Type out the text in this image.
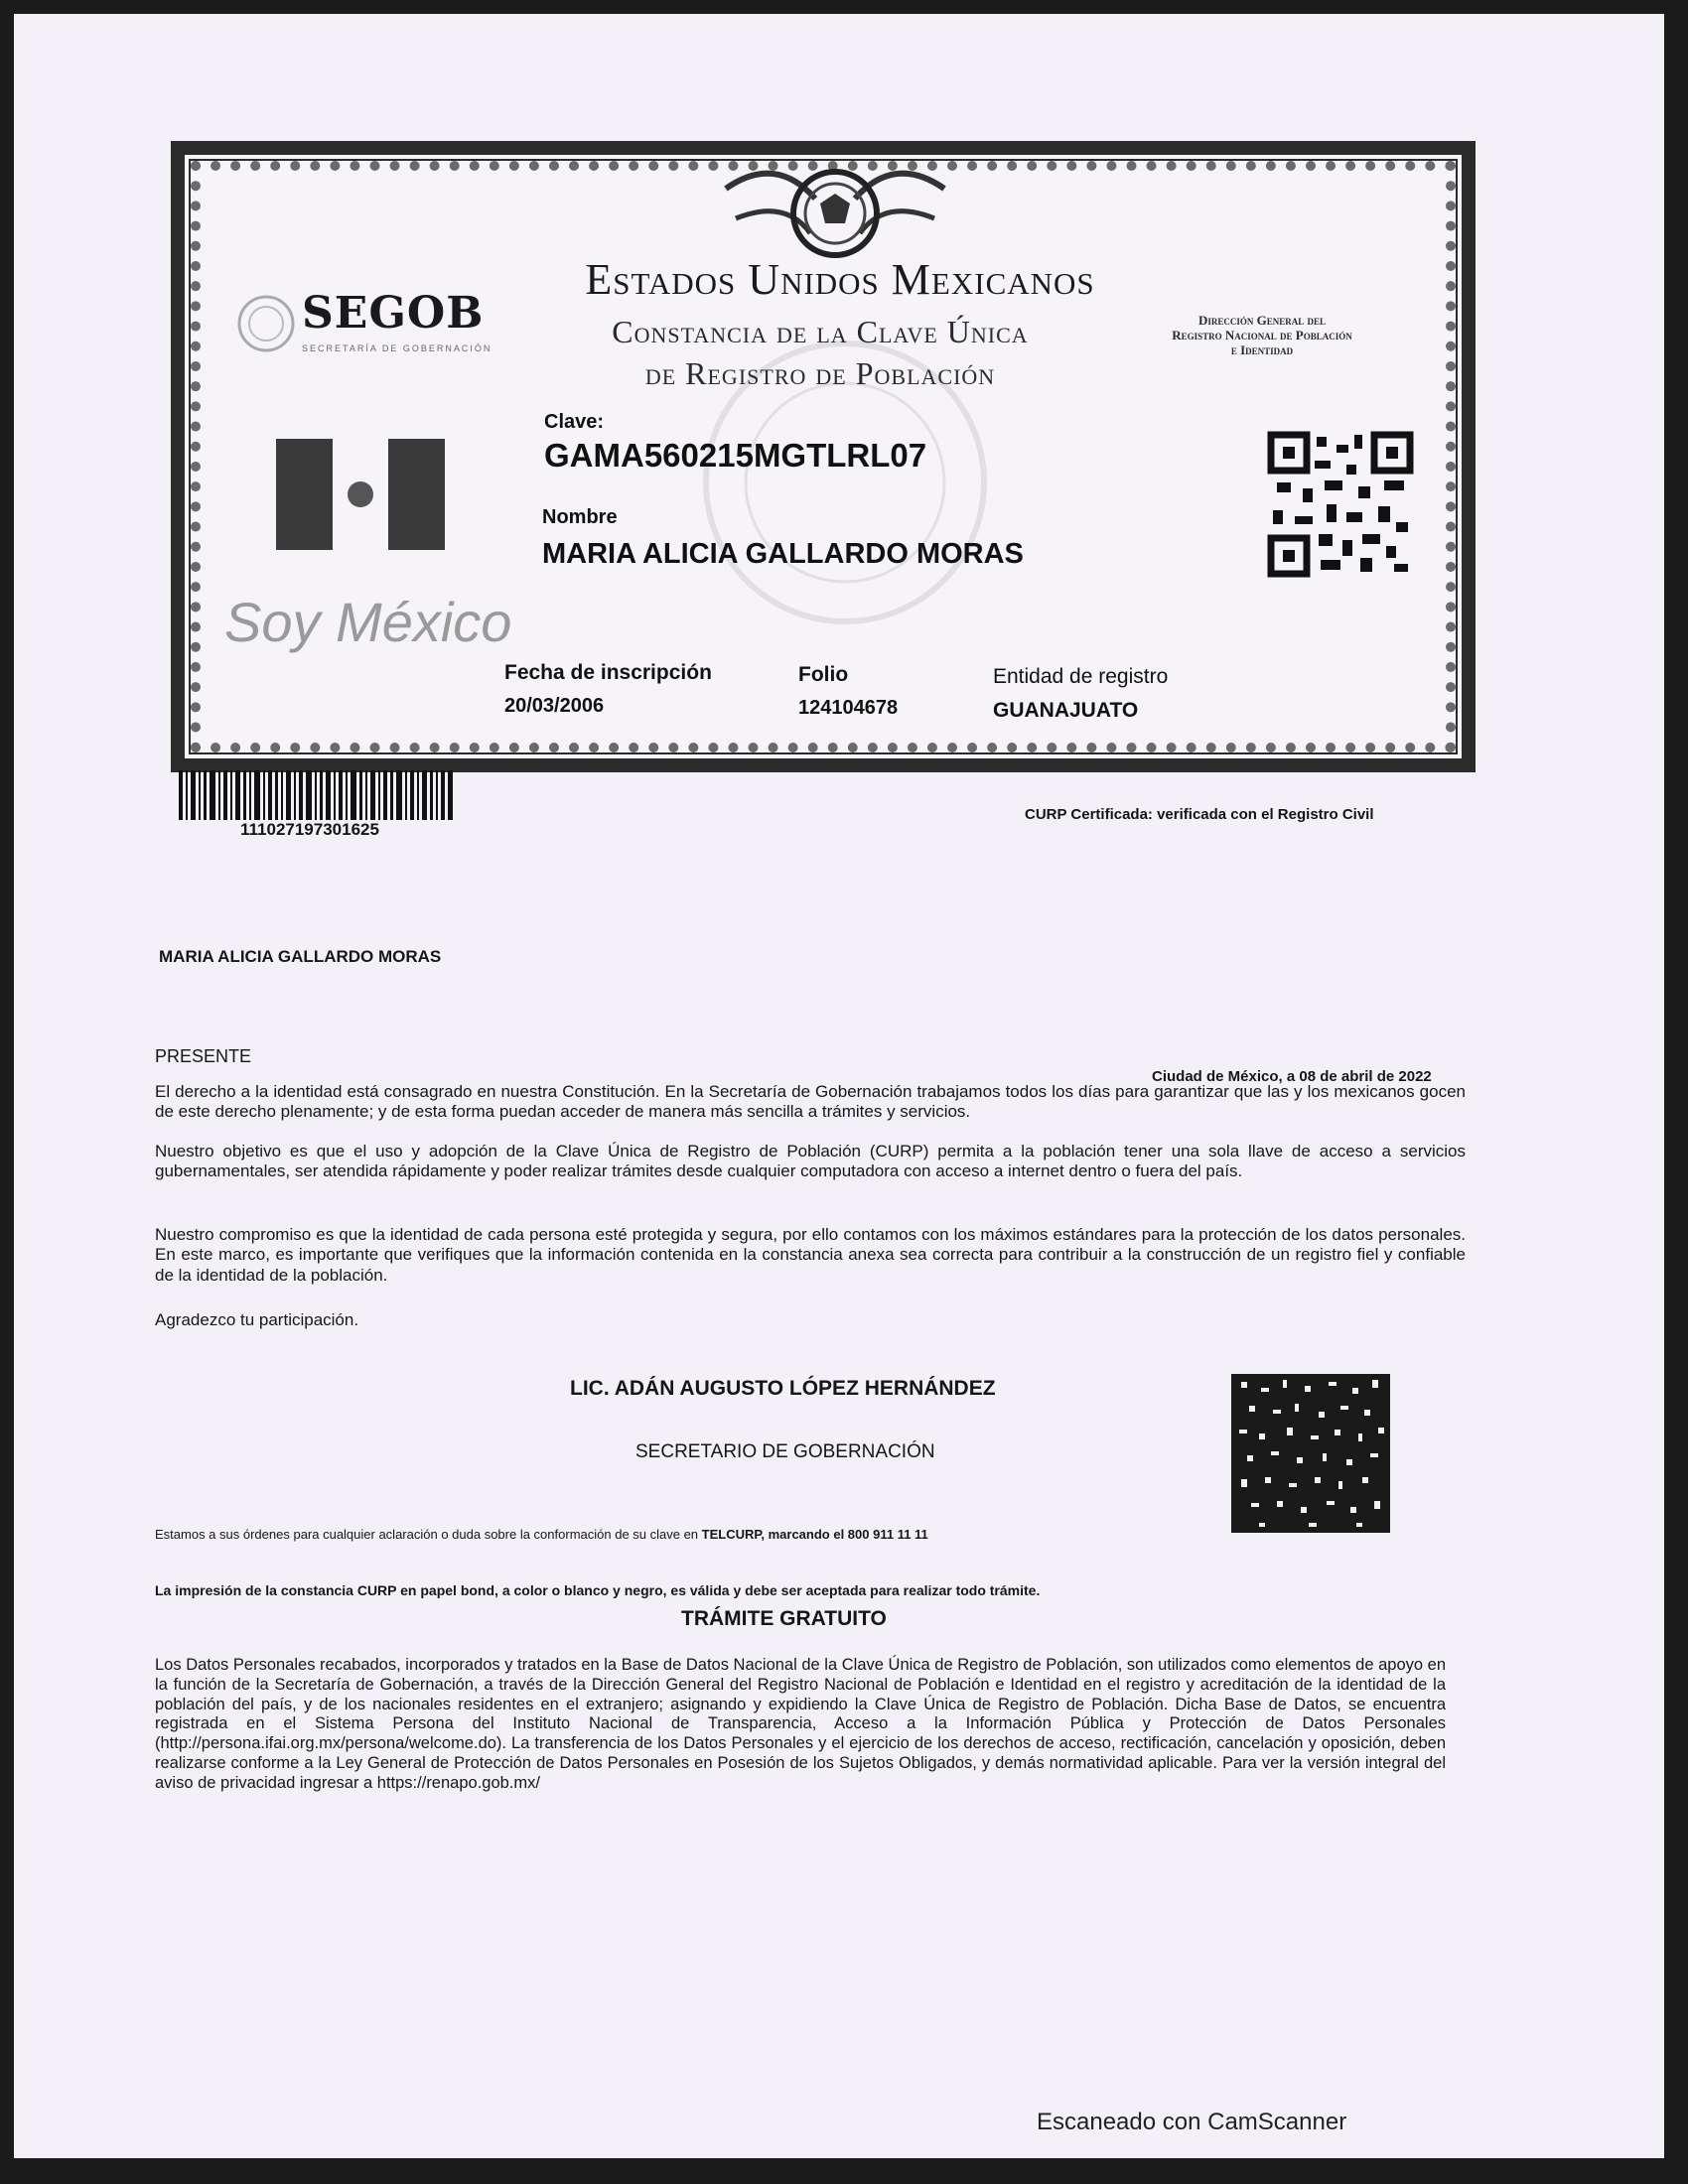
SEGOB
SECRETARÍA DE GOBERNACIÓN
Estados Unidos Mexicanos
Constancia de la Clave Única
de Registro de Población
Dirección General del
Registro Nacional de Población
e Identidad
Soy México
Clave:
GAMA560215MGTLRL07
Nombre
MARIA ALICIA GALLARDO MORAS
Fecha de inscripción
20/03/2006
Folio
124104678
Entidad de registro
GUANAJUATO
111027197301625
CURP Certificada: verificada con el Registro Civil
MARIA ALICIA GALLARDO MORAS
PRESENTE
Ciudad de México, a 08 de abril de 2022
El derecho a la identidad está consagrado en nuestra Constitución. En la Secretaría de Gobernación trabajamos todos los días para garantizar que las y los mexicanos gocen de este derecho plenamente; y de esta forma puedan acceder de manera más sencilla a trámites y servicios.
Nuestro objetivo es que el uso y adopción de la Clave Única de Registro de Población (CURP) permita a la población tener una sola llave de acceso a servicios gubernamentales, ser atendida rápidamente y poder realizar trámites desde cualquier computadora con acceso a internet dentro o fuera del país.
Nuestro compromiso es que la identidad de cada persona esté protegida y segura, por ello contamos con los máximos estándares para la protección de los datos personales. En este marco, es importante que verifiques que la información contenida en la constancia anexa sea correcta para contribuir a la construcción de un registro fiel y confiable de la identidad de la población.
Agradezco tu participación.
LIC. ADÁN AUGUSTO LÓPEZ HERNÁNDEZ
SECRETARIO DE GOBERNACIÓN
Estamos a sus órdenes para cualquier aclaración o duda sobre la conformación de su clave en TELCURP, marcando el 800 911 11 11
La impresión de la constancia CURP en papel bond, a color o blanco y negro, es válida y debe ser aceptada para realizar todo trámite.
TRÁMITE GRATUITO
Los Datos Personales recabados, incorporados y tratados en la Base de Datos Nacional de la Clave Única de Registro de Población, son utilizados como elementos de apoyo en la función de la Secretaría de Gobernación, a través de la Dirección General del Registro Nacional de Población e Identidad en el registro y acreditación de la identidad de la población del país, y de los nacionales residentes en el extranjero; asignando y expidiendo la Clave Única de Registro de Población. Dicha Base de Datos, se encuentra registrada en el Sistema Persona del Instituto Nacional de Transparencia, Acceso a la Información Pública y Protección de Datos Personales (http://persona.ifai.org.mx/persona/welcome.do). La transferencia de los Datos Personales y el ejercicio de los derechos de acceso, rectificación, cancelación y oposición, deben realizarse conforme a la Ley General de Protección de Datos Personales en Posesión de los Sujetos Obligados, y demás normatividad aplicable. Para ver la versión integral del aviso de privacidad ingresar a https://renapo.gob.mx/
Escaneado con CamScanner
